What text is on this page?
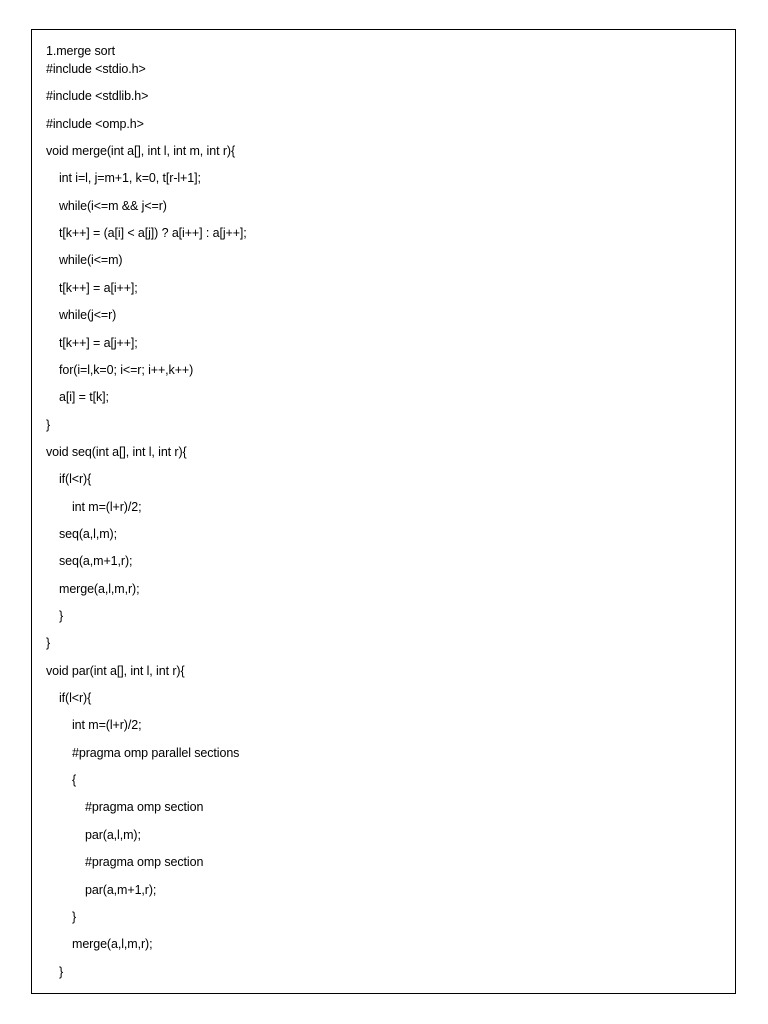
1.merge sort
#include <stdio.h>
#include <stdlib.h>
#include <omp.h>
void merge(int a[], int l, int m, int r){
int i=l, j=m+1, k=0, t[r-l+1];
while(i<=m && j<=r)
t[k++] = (a[i] < a[j]) ? a[i++] : a[j++];
while(i<=m)
t[k++] = a[i++];
while(j<=r)
t[k++] = a[j++];
for(i=l,k=0; i<=r; i++,k++)
a[i] = t[k];
}
void seq(int a[], int l, int r){
if(l<r){
int m=(l+r)/2;
seq(a,l,m);
seq(a,m+1,r);
merge(a,l,m,r);
}
}
void par(int a[], int l, int r){
if(l<r){
int m=(l+r)/2;
#pragma omp parallel sections
{
#pragma omp section
par(a,l,m);
#pragma omp section
par(a,m+1,r);
}
merge(a,l,m,r);
}
